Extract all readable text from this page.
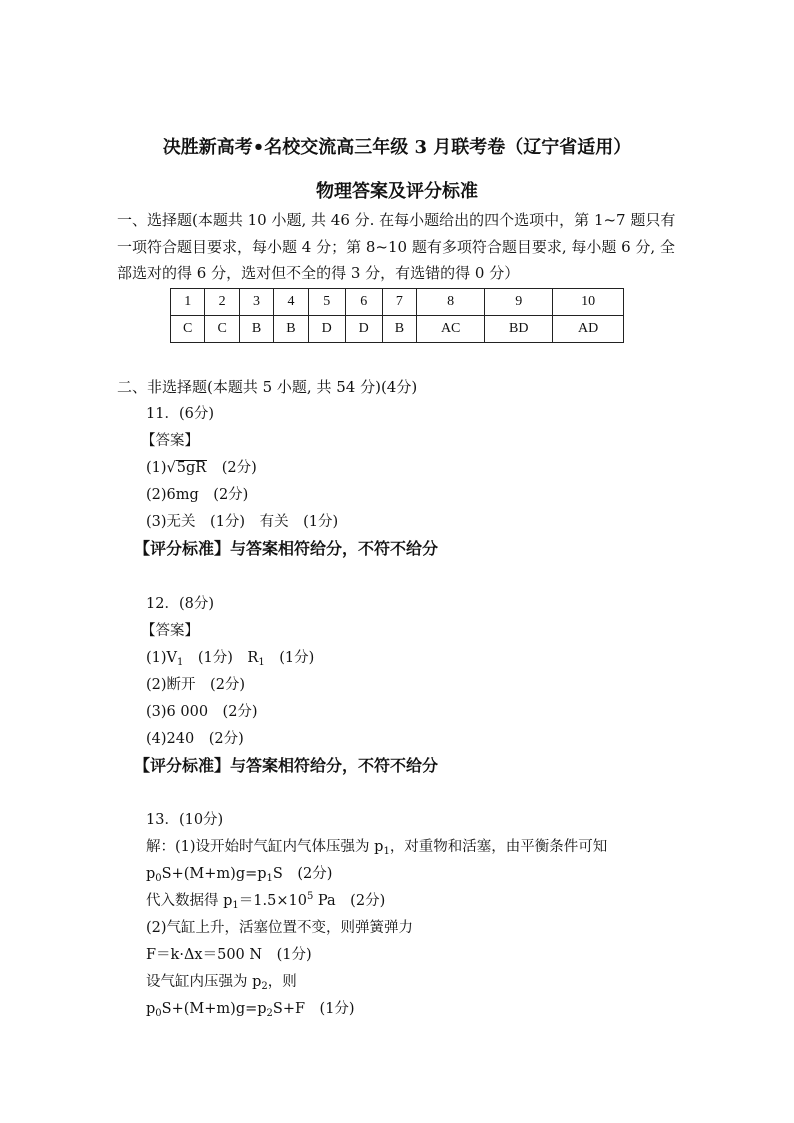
决胜新高考•名校交流高三年级 3 月联考卷（辽宁省适用）
物理答案及评分标准
一、选择题(本题共 10 小题, 共 46 分. 在每小题给出的四个选项中，第 1~7 题只有一项符合题目要求，每小题 4 分；第 8~10 题有多项符合题目要求, 每小题 6 分, 全部选对的得 6 分，选对但不全的得 3 分，有选错的得 0 分）
1	2	3	4	5	6	7	8	9	10
C	C	B	B	D	D	B	AC	BD	AD
二、非选择题(本题共 5 小题, 共 54 分)(4分)
11．(6分)
【答案】
(1)√5gR  (2分)
(2)6mg　(2分)
(3)无关　(1分)　有关　(1分)
【评分标准】与答案相符给分，不符不给分
12．(8分)
【答案】
$(1)V_1$　(1分)　$R_1$　(1分)
(2)断开　(2分)
(3)6 000　(2分)
(4)240　(2分)
【评分标准】与答案相符给分，不符不给分
13．(10分)
解：(1)设开始时气缸内气体压强为 $p_1$，对重物和活塞，由平衡条件可知
$p_0S+(M+m)g=p_1S$　(2分)
代入数据得 $p_1=1.5\times 10^5$ Pa　(2分)
(2)气缸上升，活塞位置不变，则弹簧弹力
F＝k·Δx＝500 N　(1分)
设气缸内压强为 $p_2$，则
$p_0S+(M+m)g=p_2S+F$　(1分)
